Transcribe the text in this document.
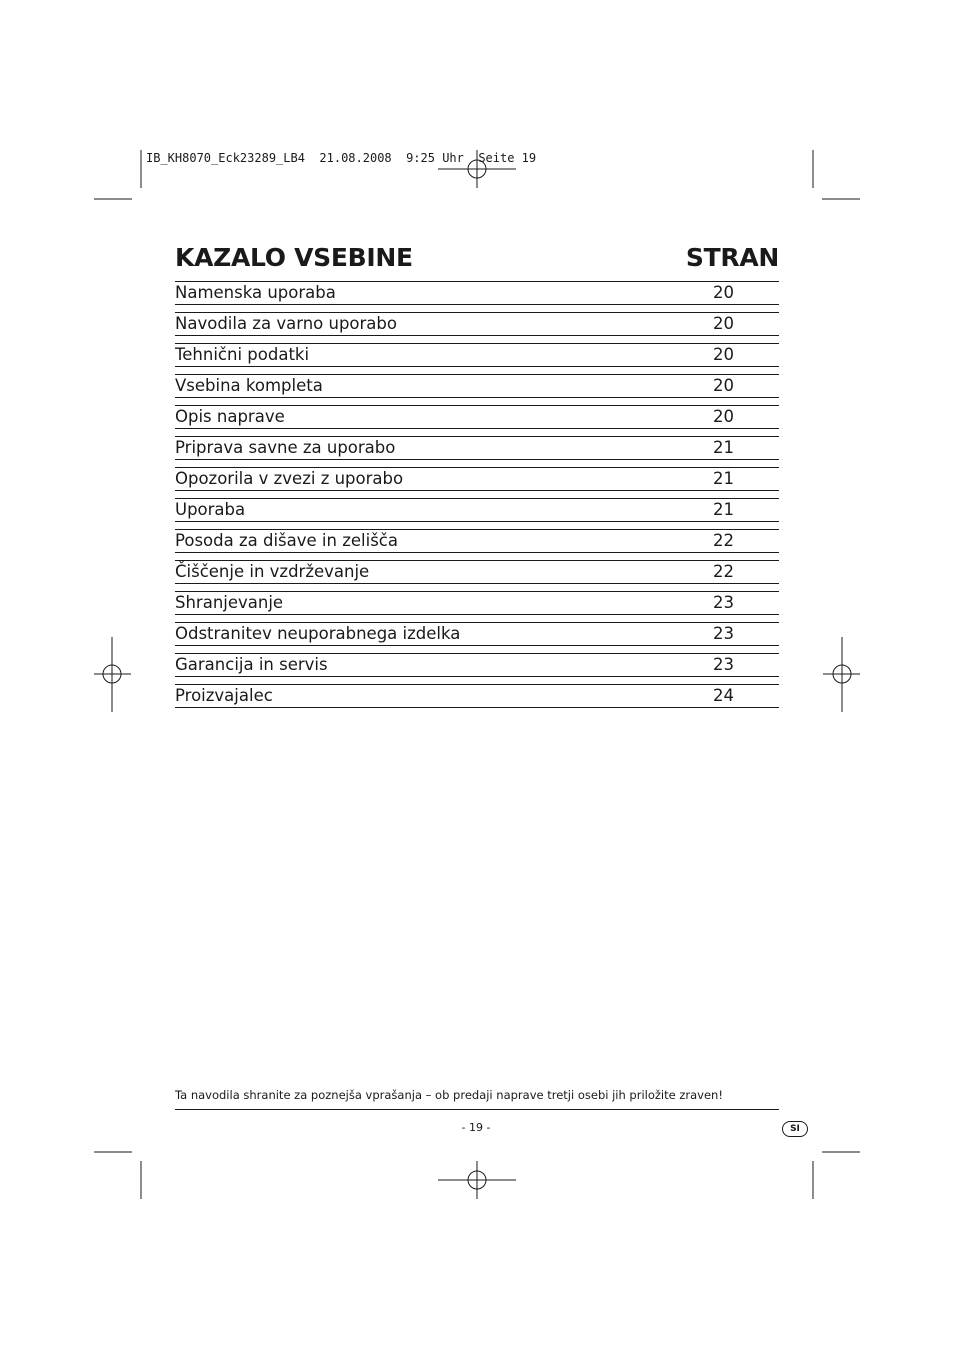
IB_KH8070_Eck23289_LB4  21.08.2008  9:25 Uhr  Seite 19
KAZALO VSEBINE	STRAN
Namenska uporaba	20
Navodila za varno uporabo	20
Tehnični podatki	20
Vsebina kompleta	20
Opis naprave	20
Priprava savne za uporabo	21
Opozorila v zvezi z uporabo	21
Uporaba	21
Posoda za dišave in zelišča	22
Čiščenje in vzdrževanje	22
Shranjevanje	23
Odstranitev neuporabnega izdelka	23
Garancija in servis	23
Proizvajalec	24
Ta navodila shranite za poznejša vprašanja – ob predaji naprave tretji osebi jih priložite zraven!
- 19 -	SI
